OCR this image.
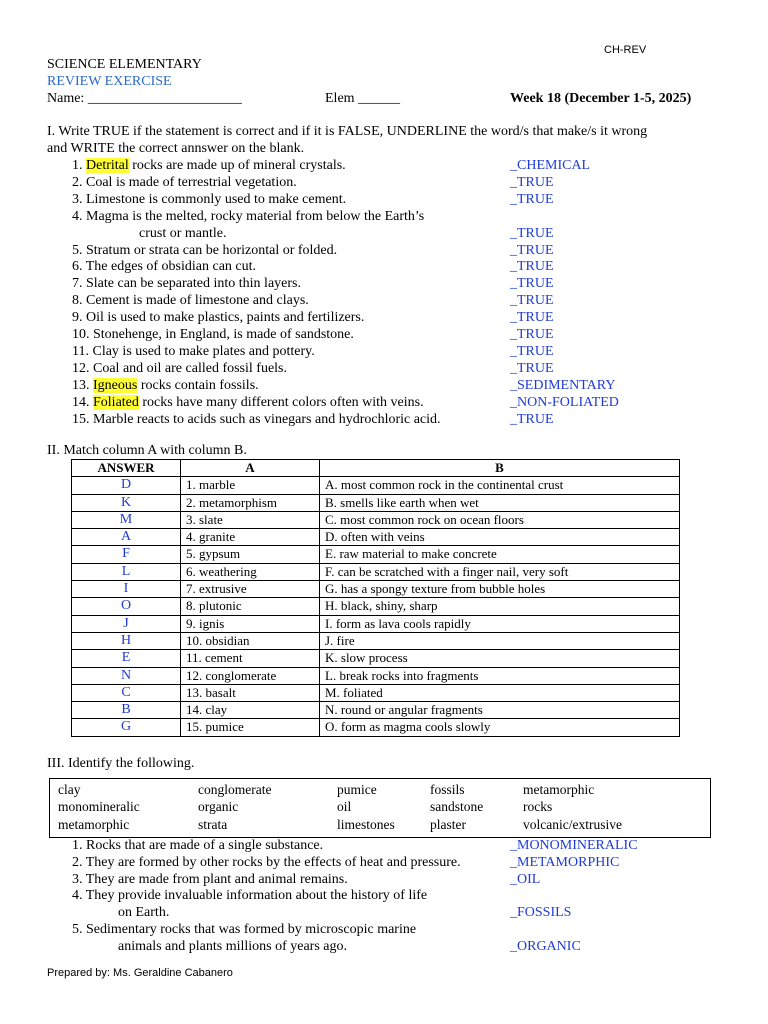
CH-REV
SCIENCE ELEMENTARY
REVIEW EXERCISE
Name: ______________________	Elem ______	Week 18 (December 1-5, 2025)
I. Write TRUE if the statement is correct and if it is FALSE, UNDERLINE the word/s that make/s it wrong
and WRITE the correct annswer on the blank.
1. Detrital rocks are made up of mineral crystals.	_CHEMICAL
2. Coal is made of terrestrial vegetation.	_TRUE
3. Limestone is commonly used to make cement.	_TRUE
4. Magma is the melted, rocky material from below the Earth’s
crust or mantle.	_TRUE
5. Stratum or strata can be horizontal or folded.	_TRUE
6. The edges of obsidian can cut.	_TRUE
7. Slate can be separated into thin layers.	_TRUE
8. Cement is made of limestone and clays.	_TRUE
9. Oil is used to make plastics, paints and fertilizers.	_TRUE
10. Stonehenge, in England, is made of sandstone.	_TRUE
11. Clay is used to make plates and pottery.	_TRUE
12. Coal and oil are called fossil fuels.	_TRUE
13. Igneous rocks contain fossils.	_SEDIMENTARY
14. Foliated rocks have many different colors often with veins.	_NON-FOLIATED
15. Marble reacts to acids such as vinegars and hydrochloric acid.	_TRUE
II. Match column A with column B.
ANSWER	A	B
D	1. marble	A. most common rock in the continental crust
K	2. metamorphism	B. smells like earth when wet
M	3. slate	C. most common rock on ocean floors
A	4. granite	D. often with veins
F	5. gypsum	E. raw material to make concrete
L	6. weathering	F. can be scratched with a finger nail, very soft
I	7. extrusive	G. has a spongy texture from bubble holes
O	8. plutonic	H. black, shiny, sharp
J	9. ignis	I. form as lava cools rapidly
H	10. obsidian	J. fire
E	11. cement	K. slow process
N	12. conglomerate	L. break rocks into fragments
C	13. basalt	M. foliated
B	14. clay	N. round or angular fragments
G	15. pumice	O. form as magma cools slowly
III. Identify the following.
clay	conglomerate	pumice	fossils	metamorphic
monomineralic	organic	oil	sandstone	rocks
metamorphic	strata	limestones	plaster	volcanic/extrusive
1. Rocks that are made of a single substance.	_MONOMINERALIC
2. They are formed by other rocks by the effects of heat and pressure.	_METAMORPHIC
3. They are made from plant and animal remains.	_OIL
4. They provide invaluable information about the history of life
on Earth.	_FOSSILS
5. Sedimentary rocks that was formed by microscopic marine
animals and plants millions of years ago.	_ORGANIC
Prepared by: Ms. Geraldine Cabanero
